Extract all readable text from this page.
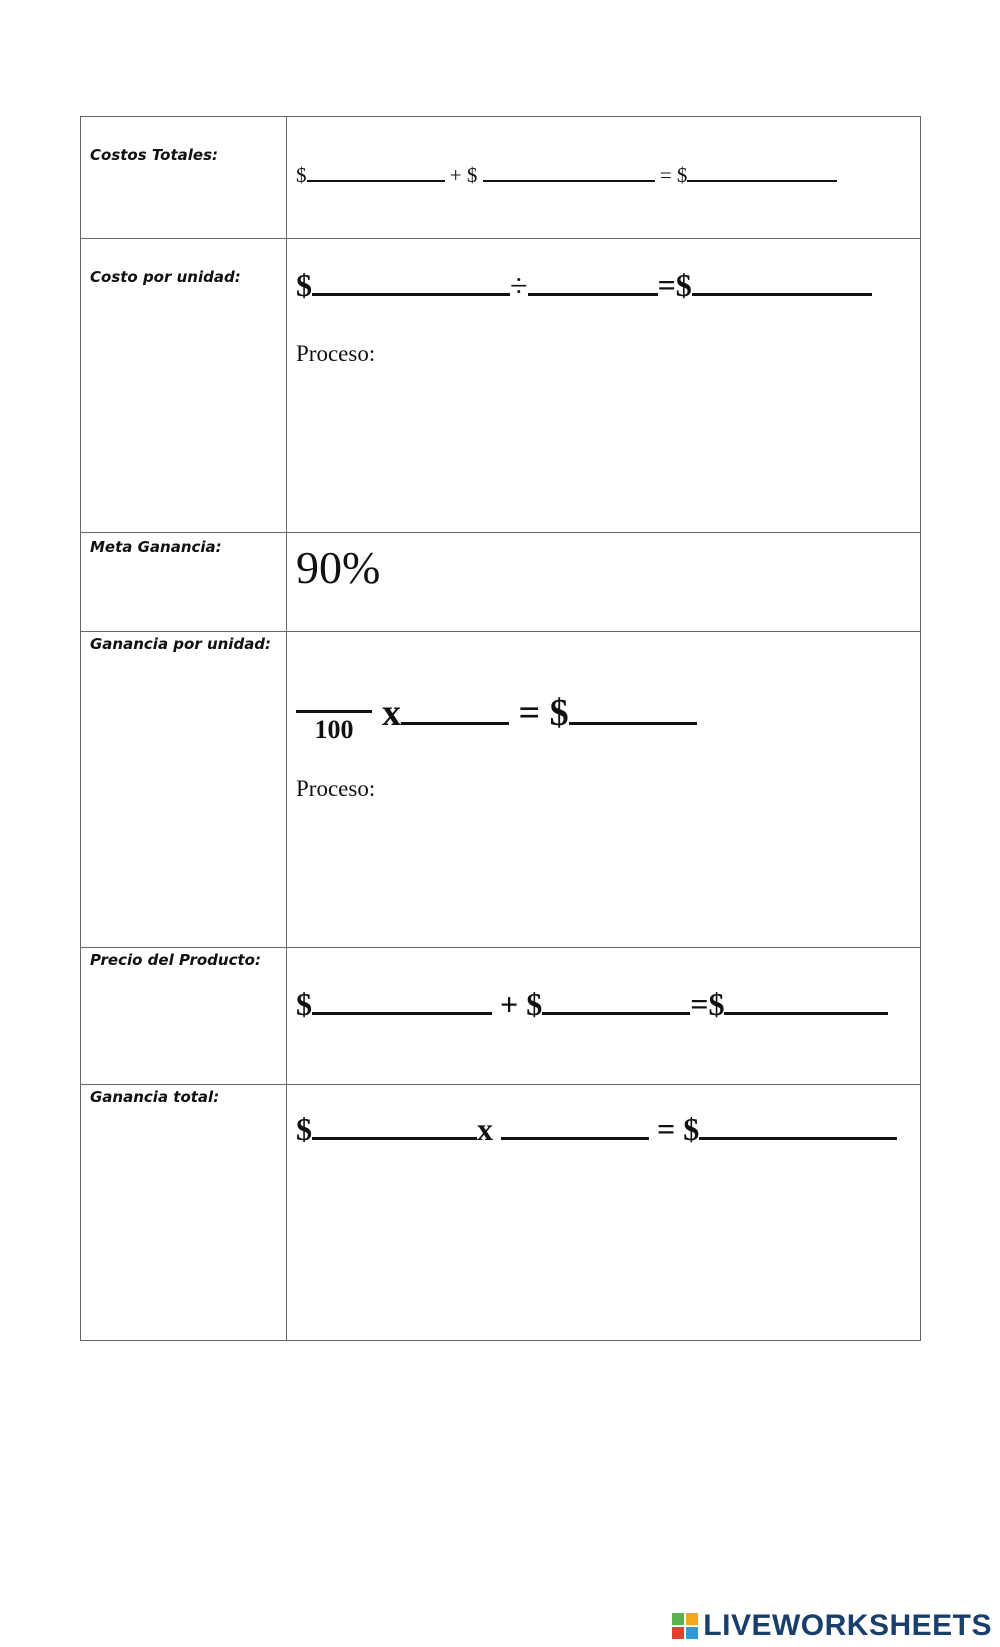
Costos Totales:	$ + $ = $

Costo por unidad:	$ ÷ =$
Proceso:

Meta Ganancia:	90%

Ganancia por unidad:	100 x = $
Proceso:

Precio del Producto:	$ + $ =$

Ganancia total:	$ x = $
LIVEWORKSHEETS
